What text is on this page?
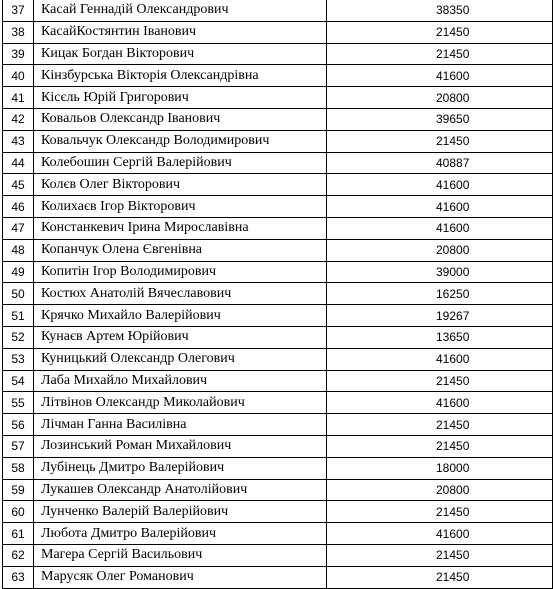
37	Касай Геннадій Олександрович	38350
38	КасайКостянтин Іванович	21450
39	Кицак Богдан Вікторович	21450
40	Кінзбурська Вікторія Олександрівна	41600
41	Кісєль Юрій Григорович	20800
42	Ковальов Олександр Іванович	39650
43	Ковальчук Олександр Володимирович	21450
44	Колебошин Сергій Валерійович	40887
45	Колєв Олег Вікторович	41600
46	Колихаєв Ігор Вікторович	41600
47	Констанкевич Ірина Мирославівна	41600
48	Копанчук Олена Євгенівна	20800
49	Копитін Ігор Володимирович	39000
50	Костюх Анатолій Вячеславович	16250
51	Крячко Михайло Валерійович	19267
52	Кунаєв Артем Юрійович	13650
53	Куницький Олександр Олегович	41600
54	Лаба Михайло Михайлович	21450
55	Літвінов Олександр Миколайович	41600
56	Лічман Ганна Василівна	21450
57	Лозинський Роман Михайлович	21450
58	Лубінець Дмитро Валерійович	18000
59	Лукашев Олександр Анатолійович	20800
60	Лунченко Валерій Валерійович	21450
61	Любота Дмитро Валерійович	41600
62	Магера Сергій Васильович	21450
63	Марусяк Олег Романович	21450
